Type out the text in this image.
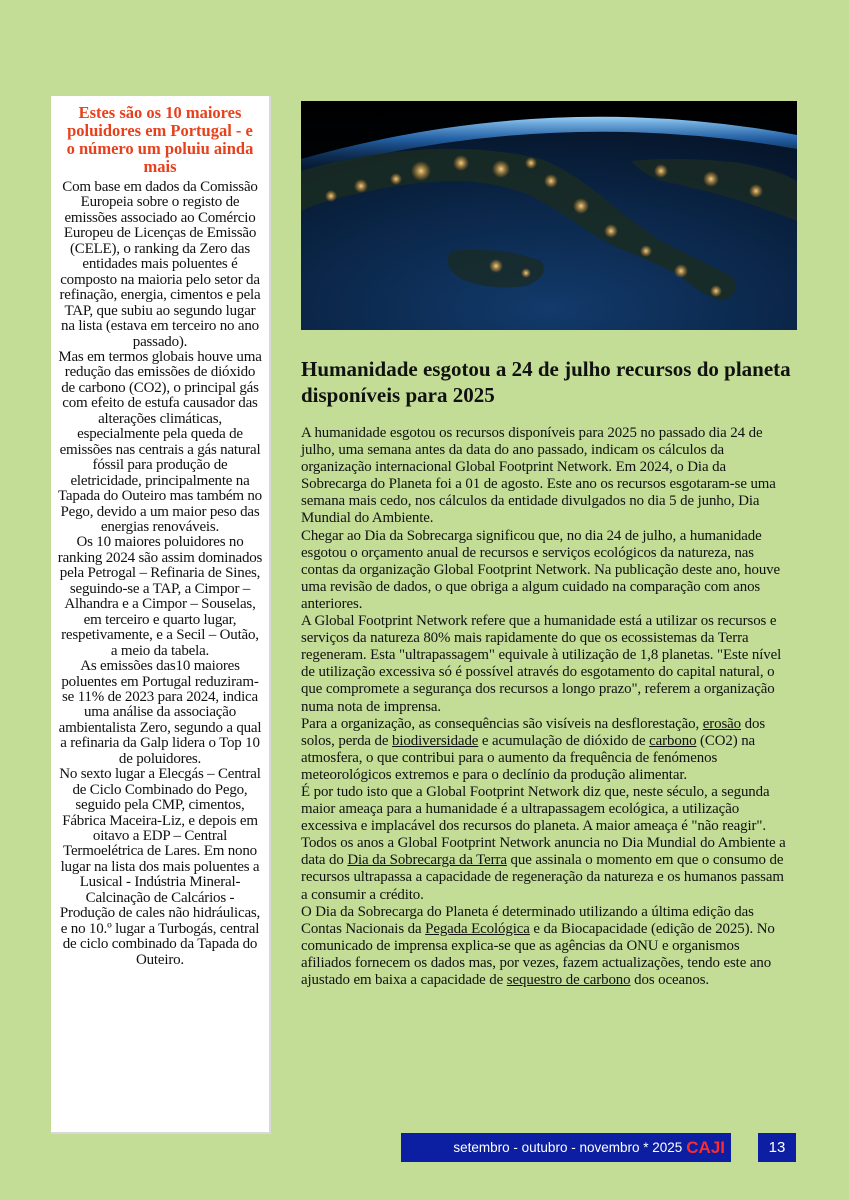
Estes são os 10 maiores poluidores em Portugal - e o número um poluiu ainda mais

Com base em dados da Comissão Europeia sobre o registo de emissões associado ao Comércio Europeu de Licenças de Emissão (CELE), o ranking da Zero das entidades mais poluentes é composto na maioria pelo setor da refinação, energia, cimentos e pela TAP, que subiu ao segundo lugar na lista (estava em terceiro no ano passado).

Mas em termos globais houve uma redução das emissões de dióxido de carbono (CO2), o principal gás com efeito de estufa causador das alterações climáticas, especialmente pela queda de emissões nas centrais a gás natural fóssil para produção de eletricidade, principalmente na Tapada do Outeiro mas também no Pego, devido a um maior peso das energias renováveis.

Os 10 maiores poluidores no ranking 2024 são assim dominados pela Petrogal – Refinaria de Sines, seguindo-se a TAP, a Cimpor – Alhandra e a Cimpor – Souselas, em terceiro e quarto lugar, respetivamente, e a Secil – Outão, a meio da tabela.

As emissões das10 maiores poluentes em Portugal reduziram-se 11% de 2023 para 2024, indica uma análise da associação ambientalista Zero, segundo a qual a refinaria da Galp lidera o Top 10 de poluidores.

No sexto lugar a Elecgás – Central de Ciclo Combinado do Pego, seguido pela CMP, cimentos, Fábrica Maceira-Liz, e depois em oitavo a EDP – Central Termoelétrica de Lares. Em nono lugar na lista dos mais poluentes a Lusical - Indústria Mineral-Calcinação de Calcários - Produção de cales não hidráulicas, e no 10.º lugar a Turbogás, central de ciclo combinado da Tapada do Outeiro.

Humanidade esgotou a 24 de julho recursos do planeta disponíveis para 2025

A humanidade esgotou os recursos disponíveis para 2025 no passado dia 24 de julho, uma semana antes da data do ano passado, indicam os cálculos da organização internacional Global Footprint Network. Em 2024, o Dia da Sobrecarga do Planeta foi a 01 de agosto. Este ano os recursos esgotaram-se uma semana mais cedo, nos cálculos da entidade divulgados no dia 5 de junho, Dia Mundial do Ambiente.

Chegar ao Dia da Sobrecarga significou que, no dia 24 de julho, a humanidade esgotou o orçamento anual de recursos e serviços ecológicos da natureza, nas contas da organização Global Footprint Network. Na publicação deste ano, houve uma revisão de dados, o que obriga a algum cuidado na comparação com anos anteriores.

A Global Footprint Network refere que a humanidade está a utilizar os recursos e serviços da natureza 80% mais rapidamente do que os ecossistemas da Terra regeneram. Esta "ultrapassagem" equivale à utilização de 1,8 planetas. "Este nível de utilização excessiva só é possível através do esgotamento do capital natural, o que compromete a segurança dos recursos a longo prazo", referem a organização numa nota de imprensa.

Para a organização, as consequências são visíveis na desflorestação, erosão dos solos, perda de biodiversidade e acumulação de dióxido de carbono (CO2) na atmosfera, o que contribui para o aumento da frequência de fenómenos meteorológicos extremos e para o declínio da produção alimentar.

É por tudo isto que a Global Footprint Network diz que, neste século, a segunda maior ameaça para a humanidade é a ultrapassagem ecológica, a utilização excessiva e implacável dos recursos do planeta. A maior ameaça é "não reagir".

Todos os anos a Global Footprint Network anuncia no Dia Mundial do Ambiente a data do Dia da Sobrecarga da Terra que assinala o momento em que o consumo de recursos ultrapassa a capacidade de regeneração da natureza e os humanos passam a consumir a crédito.

O Dia da Sobrecarga do Planeta é determinado utilizando a última edição das Contas Nacionais da Pegada Ecológica e da Biocapacidade (edição de 2025). No comunicado de imprensa explica-se que as agências da ONU e organismos afiliados fornecem os dados mas, por vezes, fazem actualizações, tendo este ano ajustado em baixa a capacidade de sequestro de carbono dos oceanos.

setembro - outubro - novembro * 2025 CAJI	13
